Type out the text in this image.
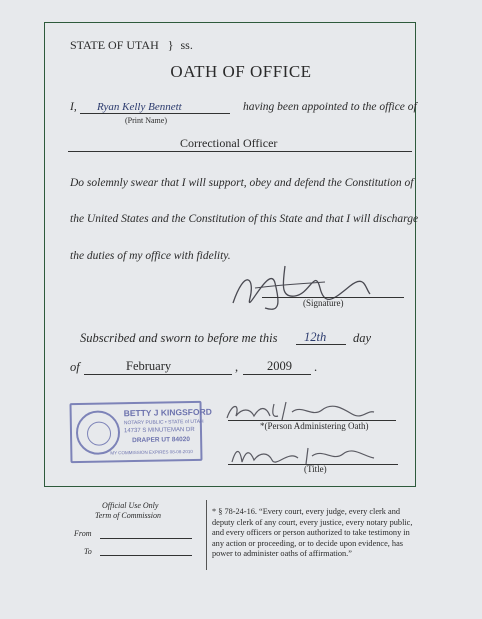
STATE OF UTAH } ss.
OATH OF OFFICE
I, Ryan Kelly Bennett
(Print Name)
having been appointed to the office of
Correctional Officer
Do solemnly swear that I will support, obey and defend the Constitution of
the United States and the Constitution of this State and that I will discharge
the duties of my office with fidelity.
(Signature)
Subscribed and sworn to before me this 12th day
of	February	, 2009 .
BETTY J KINGSFORD
NOTARY PUBLIC • STATE of UTAH
14737 S MINUTEMAN DR
DRAPER UT 84020
MY COMMISSION EXPIRES 08-08-2010
*(Person Administering Oath)
(Title)
Official Use Only
Term of Commission
From
To
* § 78-24-16. “Every court, every judge, every clerk and deputy clerk of any court, every justice, every notary public, and every officers or person authorized to take testimony in any action or proceeding, or to decide upon evidence, has power to administer oaths of affirmation.”
